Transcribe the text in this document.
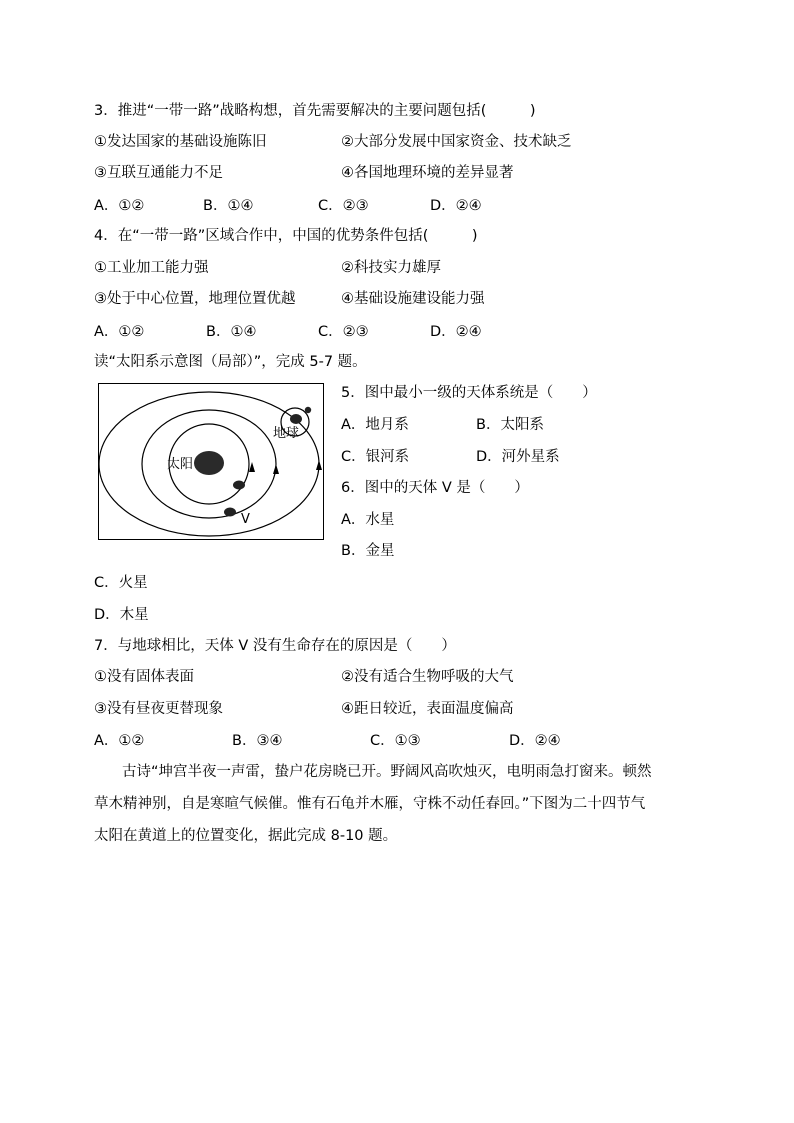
3．推进“一带一路”战略构想，首先需要解决的主要问题包括(　　　)
①发达国家的基础设施陈旧	②大部分发展中国家资金、技术缺乏
③互联互通能力不足	④各国地理环境的差异显著
A．①②	B．①④	C．②③	D．②④
4．在“一带一路”区域合作中，中国的优势条件包括(　　　)
①工业加工能力强	②科技实力雄厚
③处于中心位置，地理位置优越	④基础设施建设能力强
A．①②	B．①④	C．②③	D．②④
读“太阳系示意图（局部）”，完成 5-7 题。
太阳
地球
V
5．图中最小一级的天体系统是（　　）
A．地月系	B．太阳系
C．银河系	D．河外星系
6．图中的天体 V 是（　　）
A．水星
B．金星
C．火星
D．木星
7．与地球相比，天体 V 没有生命存在的原因是（　　）
①没有固体表面	②没有适合生物呼吸的大气
③没有昼夜更替现象	④距日较近，表面温度偏高
A．①②	B．③④	C．①③	D．②④
古诗“坤宫半夜一声雷，蛰户花房晓已开。野阔风高吹烛灭，电明雨急打窗来。顿然
草木精神别，自是寒暄气候催。惟有石龟并木雁，守株不动任春回。”下图为二十四节气
太阳在黄道上的位置变化，据此完成 8-10 题。
